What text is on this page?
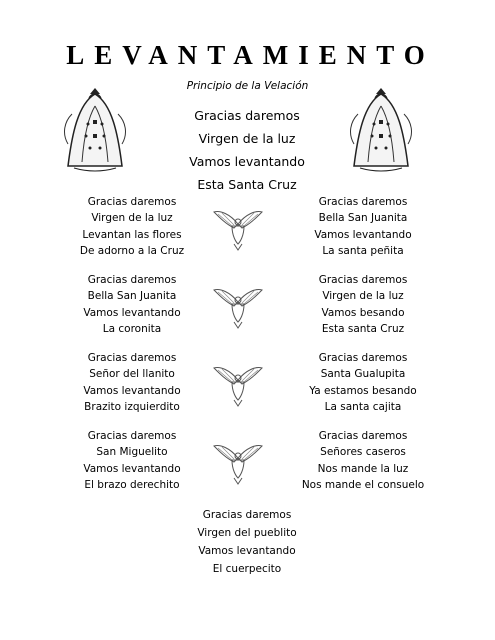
LEVANTAMIENTO
Principio de la Velación
Gracias daremos
Virgen de la luz
Vamos levantando
Esta Santa Cruz
Gracias daremos
Virgen de la luz
Levantan las flores
De adorno a la Cruz
Gracias daremos
Bella San Juanita
Vamos levantando
La coronita
Gracias daremos
Señor del llanito
Vamos levantando
Brazito izquierdito
Gracias daremos
San Miguelito
Vamos levantando
El brazo derechito
Gracias daremos
Bella San Juanita
Vamos levantando
La santa peñita
Gracias daremos
Virgen de la luz
Vamos besando
Esta santa Cruz
Gracias daremos
Santa Gualupita
Ya estamos besando
La santa cajita
Gracias daremos
Señores caseros
Nos mande la luz
Nos mande el consuelo
Gracias daremos
Virgen del pueblito
Vamos levantando
El cuerpecito
